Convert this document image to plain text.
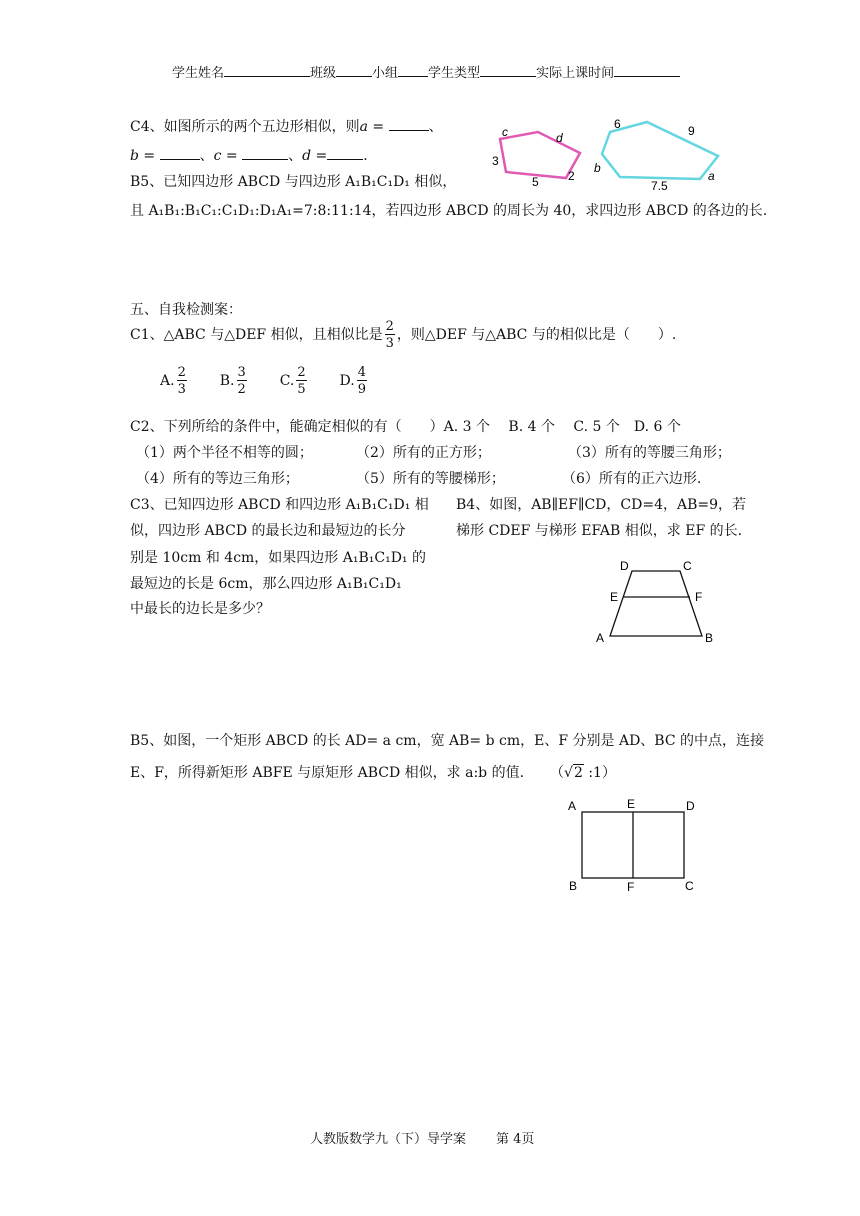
学生姓名	班级	小组 学生类型	实际上课时间
C4、如图所示的两个五边形相似，则a =	、
b =	、c =	、d =	.
c	d
3
5 2
6	9
b
7.5
a
B5、已知四边形 ABCD 与四边形 A₁B₁C₁D₁ 相似，
且 A₁B₁:B₁C₁:C₁D₁:D₁A₁=7:8:11:14，若四边形 ABCD 的周长为 40，求四边形 ABCD 的各边的长.
五、自我检测案：
C1、△ABC 与△DEF 相似，且相似比是 $\frac{2}{3}$ ，则△DEF 与△ABC 与的相似比是（　　）.
A. $\frac{2}{3} B$. $\frac{3}{2} C$. $\frac{2}{5} D$. $\frac{4}{9}$
C2、下列所给的条件中，能确定相似的有（　　）A. 3 个　 B. 4 个　 C. 5 个　D. 6 个
（1）两个半径不相等的圆；	（2）所有的正方形；	（3）所有的等腰三角形；
（4）所有的等边三角形；	（5）所有的等腰梯形；	（6）所有的正六边形.
C3、已知四边形 ABCD 和四边形 A₁B₁C₁D₁ 相
似，四边形 ABCD 的最长边和最短边的长分
别是 10cm 和 4cm，如果四边形 A₁B₁C₁D₁ 的
最短边的长是 6cm，那么四边形 A₁B₁C₁D₁
中最长的边长是多少？
B4、如图，AB∥EF∥CD，CD=4，AB=9，若
梯形 CDEF 与梯形 EFAB 相似，求 EF 的长.
D	C
E	F
A	B
B5、如图，一个矩形 ABCD 的长 AD= a cm，宽 AB= b cm，E、F 分别是 AD、BC 的中点，连接
E、F，所得新矩形 ABFE 与原矩形 ABCD 相似，求 a:b 的值. （√2 :1）
A	E	D
B	F	C
人教版数学九（下）导学案 第 4页
